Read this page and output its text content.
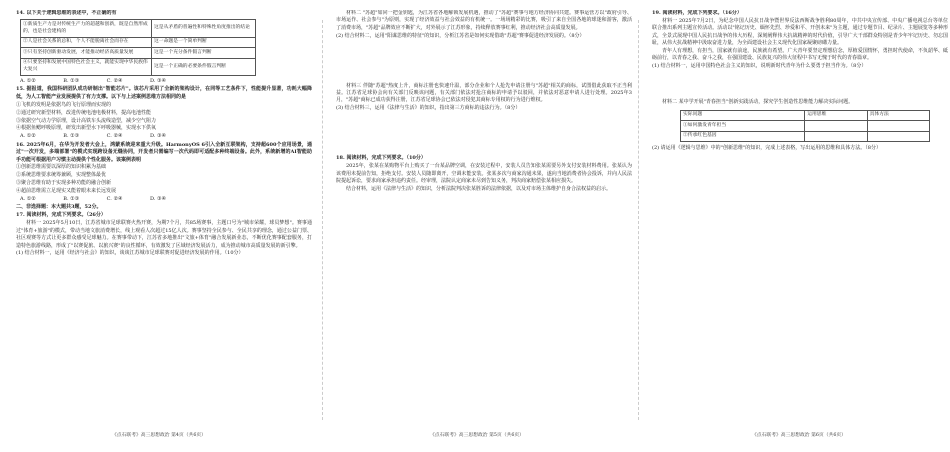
14. 以下关于逻辑思维的表述中，不正确的有

①新质生产力是对传统生产力的超越和创新，既是自然形成的，也是社会建构的	这是从矛盾的普遍性和特殊性角度推出的结论
②人是社会关系的总和，个人不能脱离社会而存在	这一命题是一个简单判断
③只有坚持创新驱动发展，才能推动经济高质量发展	这是一个充分条件假言判断
④只要坚持和发展中国特色社会主义，就能实现中华民族伟大复兴	这是一个正确的必要条件假言判断
A. ①②	B. ①③	C. ②④	D. ③④

15. 据报道，我国科研团队成功研制出"智能芯片"。该芯片采用了全新的架构设计，在同等工艺条件下，性能提升显著，功耗大幅降低，为人工智能产业发展提供了有力支撑。以下与上述案例思维方法相同的是

①飞机的发明是依据鸟的飞行原理而实现的

②通过研究新型材料，改进传统电池电极材料，提高电池性能

③依据空气动力学原理，设计高铁车头流线造型，减少空气阻力

④根据鱼鳃呼吸原理，研发出新型水下呼吸器械，实现水下供氧

A. ①②	B. ①③	C. ②④	D. ③④

16. 2025年6月，在华为开发者大会上，鸿蒙系统迎来重大升级。HarmonyOS 6引入全新互联架构，支持超600个应用场景，通过"一次开发，多端部署"的模式实现跨设备无缝协同，开发者只需编写一次代码即可适配多种终端设备。此外，系统新增的AI智能助手功能可根据用户习惯主动提供个性化服务。该案例表明

①创新思维需要以深厚的知识积累为基础

②系统思维要求统筹兼顾，实现整体最优

③聚合思维有助于实现多种功能的融合创新

④超前思维需立足现实又能着眼未来长远发展

A. ①②	B. ①③	C. ②④	D. ③④

二、非选择题：本大题共3题，52分。

17. 阅读材料，完成下列要求。（26分）

材料一 2025年5月10日，江苏省城市足球联赛火热开赛，为期7个月，共85场赛事，主题口号为"城市荣耀，球员梦想"。赛事通过"体育+旅游"的模式，带动当地文旅消费增长，线上观看人次超过15亿人次。赛事坚持全民参与、全民共享的理念，通过公益门票、社区观赛等方式让更多群众感受足球魅力。在赛事带动下，江苏省多地推出"文旅+体育"融合发展新业态，不断优化赛事配套服务，打造特色旅游线路，形成了"以赛促旅、以旅兴赛"的良性循环，有效激发了区域经济发展活力，成为推动城市高质量发展的新引擎。

(1) 结合材料一，运用《经济与社会》的知识，谈谈江苏城市足球联赛对促进经济发展的作用。（10分）

材料二 "苏超"如同一把金钥匙，为江苏省各地解锁发展机遇，推动了"苏超"赛事与地方经济协同共建。赛事运营方以"政府引导、市场运作、社会参与"为原则，实现了经济效益与社会效益的有机统一。一场场精彩的比赛，吸引了来自全国各地的球迷和游客，激活了消费市场，"苏超"品牌效应不断扩大，对外展示了江苏形象，持续释放赛事红利，推动经济社会高质量发展。

(2) 结合材料二，运用"阳谋思维的特征"的知识，分析江苏省是如何实现借助"苏超"赛事促进经济发展的。（8分）

材料三 伴随"苏超"热度上升，商标注册也快速升温，部分企业和个人抢先申请注册与"苏超"相关的商标，试图借此获取不正当利益。江苏省足球协会向有关部门反映该问题，有关部门依法对抢注商标的申请予以驳回，并依法对恶意申请人进行处理。2025年3月，"苏超"商标已成功获得注册，江苏省足球协会已依法对侵犯其商标专用权的行为进行维权。

(3) 结合材料三，运用《法律与生活》的知识，指出第三方商标的违法行为。（8分）

18. 阅读材料，完成下列要求。（10分）

2025年，张某在某购物平台上购买了一台某品牌空调，在安装过程中，安装人员告知张某需要另外支付安装材料费用。张某认为该费用未提前告知，拒绝支付。安装人员随即离开，空调未能安装。张某多次与商家沟通未果，遂向当地消费者协会投诉，并向人民法院提起诉讼，要求商家承担违约责任。经审理，法院认定商家未尽到告知义务，判决商家赔偿张某相应损失。

结合材料，运用《法律与生活》的知识，分析法院判决张某胜诉的法律依据，以及对市场主体维护自身合法权益的启示。

19. 阅读材料，完成下列要求。（16分）

材料一 2025年7月2日，为纪念中国人民抗日战争暨世界反法西斯战争胜利80周年，中共中央宣传部、中央广播电视总台等单位联合推出系列主题宣传活动。活动以"铭记历史、缅怀先烈、珍爱和平、开创未来"为主题，通过专题节目、纪录片、主题展览等多种形式，全景式展现中国人民抗日战争的伟大历程，深刻阐释伟大抗战精神的时代价值，引导广大干部群众特别是青少年牢记历史、勿忘国耻，从伟大抗战精神中汲取奋进力量，为全面建设社会主义现代化国家凝聚磅礴力量。

青年人有理想，有担当，国家就有前途，民族就有希望。广大青年要坚定理想信念，厚植爱国情怀，勇担时代使命，不负韶华、砥砺前行，以青春之我、奋斗之我，在强国建设、民族复兴的伟大征程中书写无愧于时代的青春篇章。

(1) 结合材料一，运用中国特色社会主义的知识，说明新时代青年为什么要勇于担当作为。（8分）

材料二 某中学开展"青春担当"创新实践活动，探究学生创造性思维能力解决实际问题。

实际问题	运用思维	具体方法
①如何激发青年担当		
②传承红色基因		

(2) 请运用《逻辑与思维》中的"创新思维"的知识，完成上述表格，写出运用的思维和具体方法。（8分）

《点石联考》高三思想政治 第4页（共6页）	《点石联考》高三思想政治 第5页（共6页）	《点石联考》高三思想政治 第6页（共6页）
